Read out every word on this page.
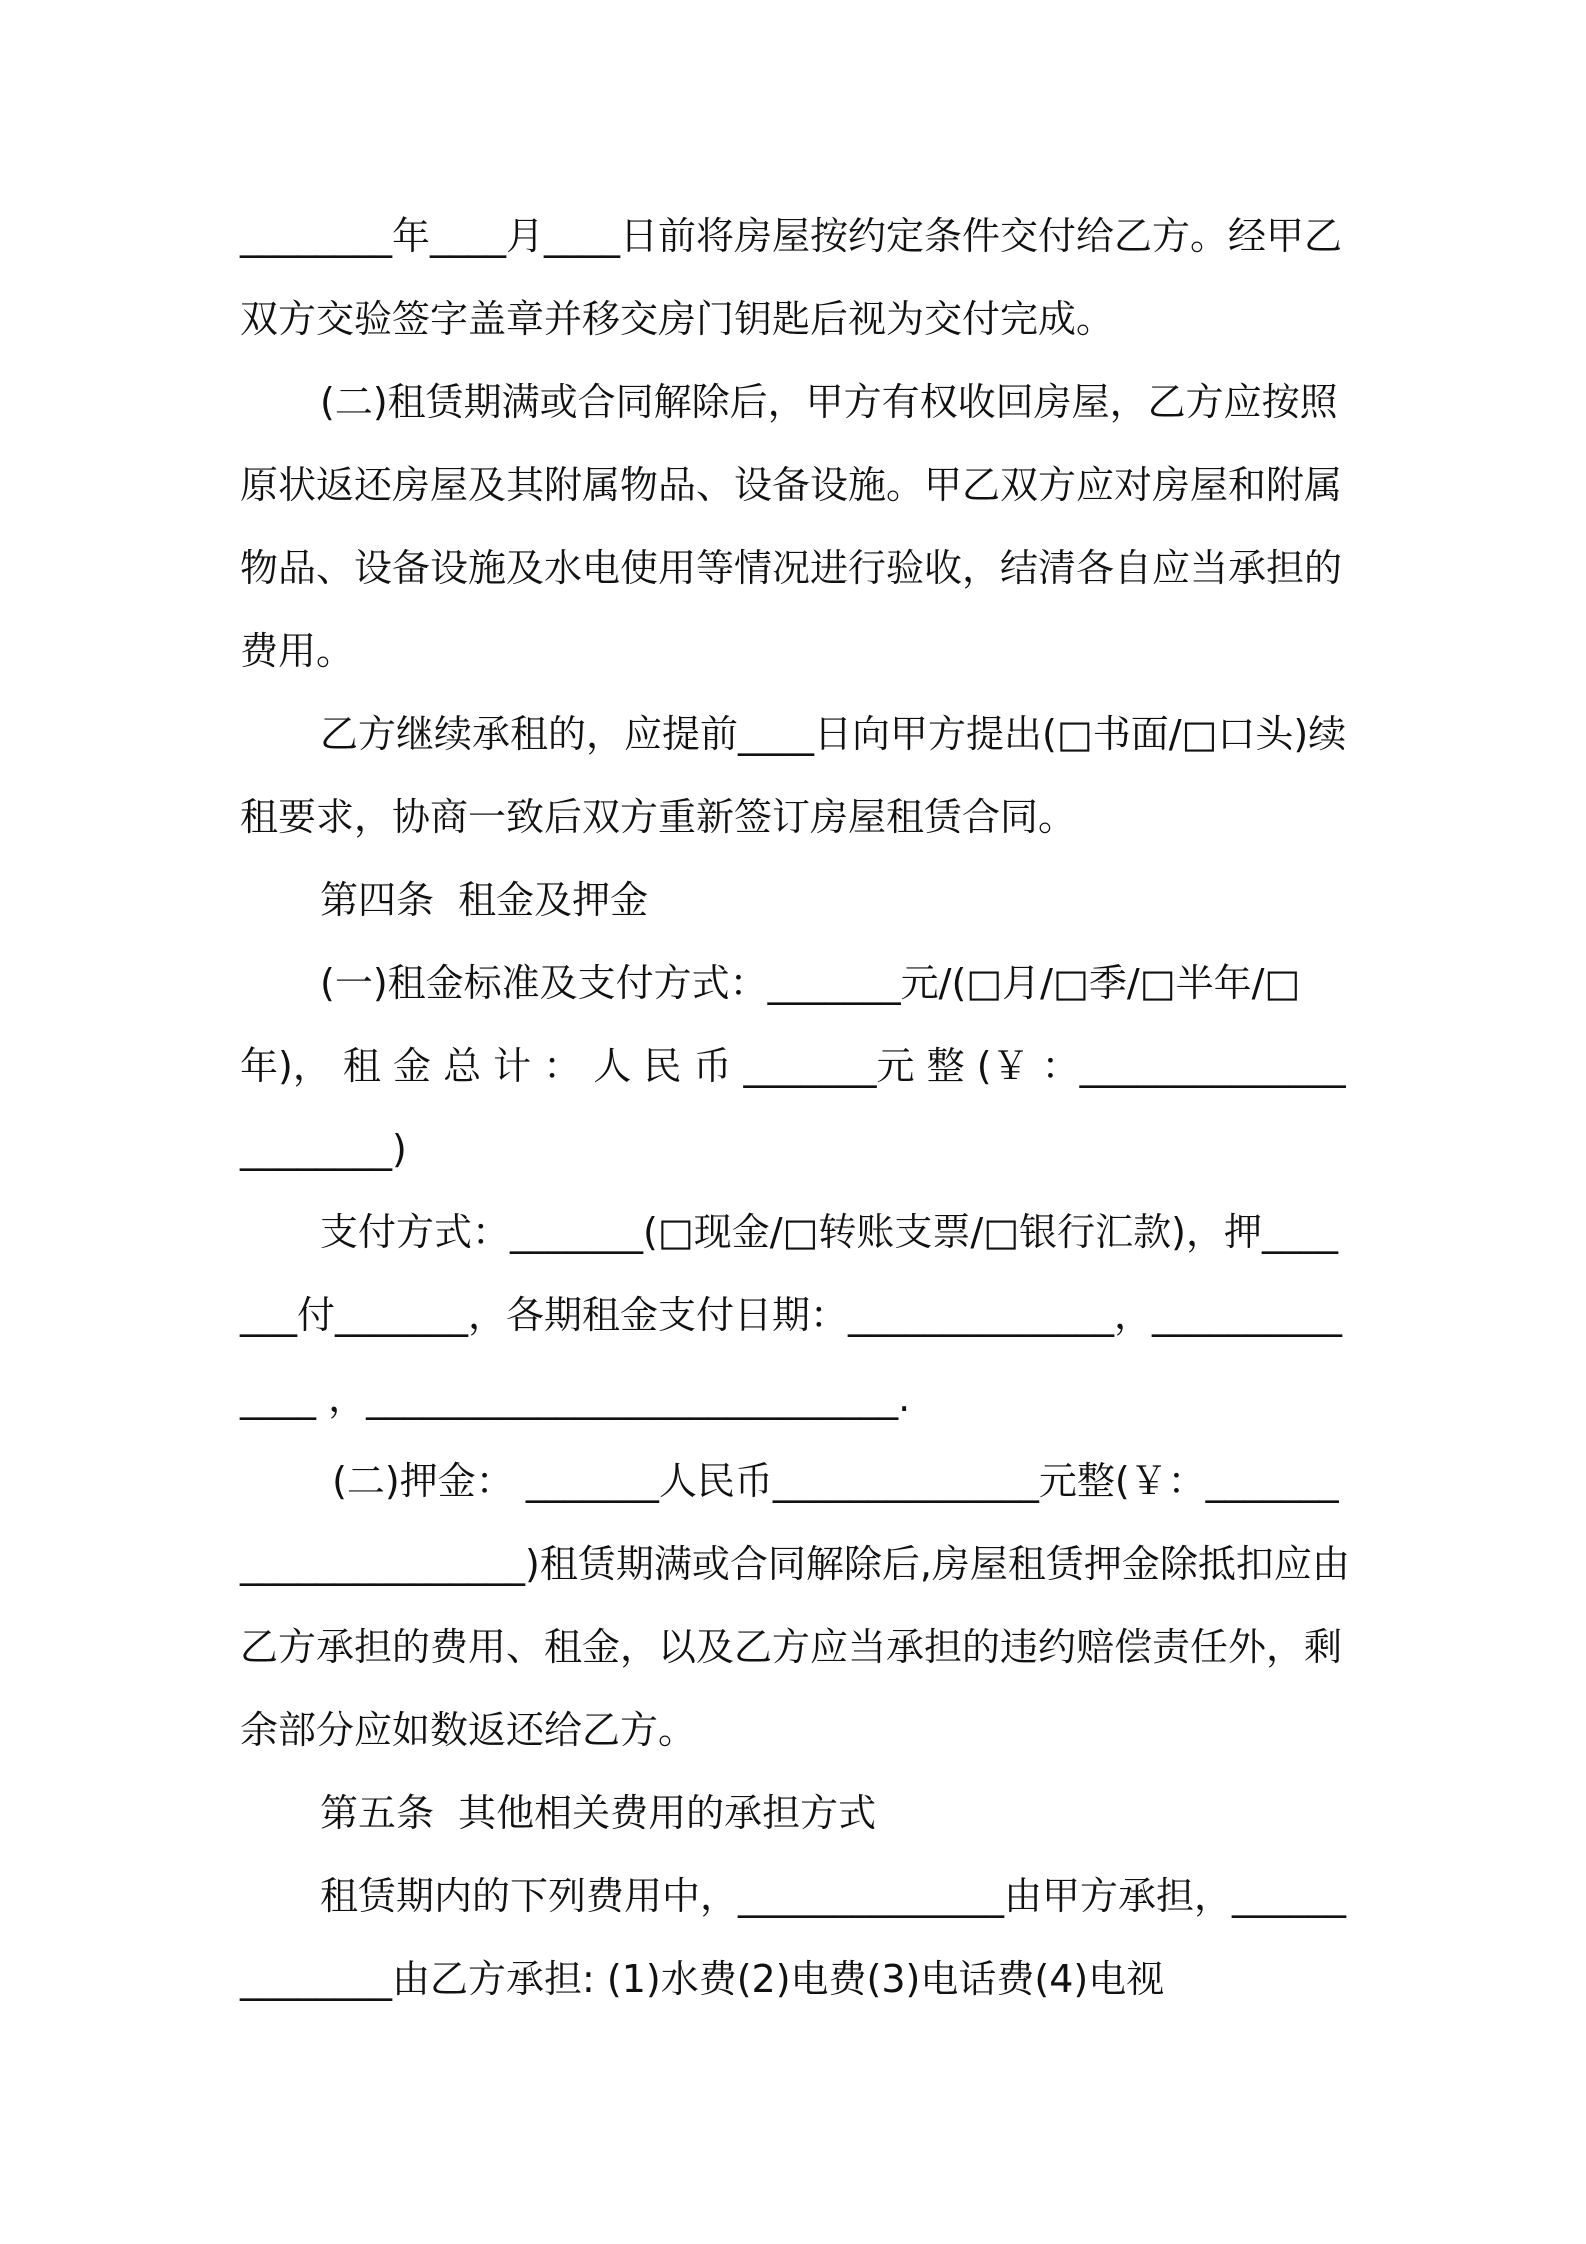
________年____月____日前将房屋按约定条件交付给乙方。经甲乙双方交验签字盖章并移交房门钥匙后视为交付完成。

(二)租赁期满或合同解除后，甲方有权收回房屋，乙方应按照原状返还房屋及其附属物品、设备设施。甲乙双方应对房屋和附属物品、设备设施及水电使用等情况进行验收，结清各自应当承担的费用。

乙方继续承租的，应提前____日向甲方提出(□书面/□口头)续租要求，协商一致后双方重新签订房屋租赁合同。

第四条  租金及押金

(一)租金标准及支付方式：_______元/(□月/□季/□半年/□ 年)， 租 金 总 计 ： 人 民 币 _______元 整 (￥ ：______________________)

支付方式：_______(□现金/□转账支票/□银行汇款)，押_______付_______，各期租金支付日期：______________，______________ ，____________________________.

(二)押金： _______人民币______________元整(￥：______________________)租赁期满或合同解除后,房屋租赁押金除抵扣应由乙方承担的费用、租金，以及乙方应当承担的违约赔偿责任外，剩余部分应如数返还给乙方。

第五条  其他相关费用的承担方式

租赁期内的下列费用中，______________由甲方承担，______________由乙方承担: (1)水费(2)电费(3)电话费(4)电视
